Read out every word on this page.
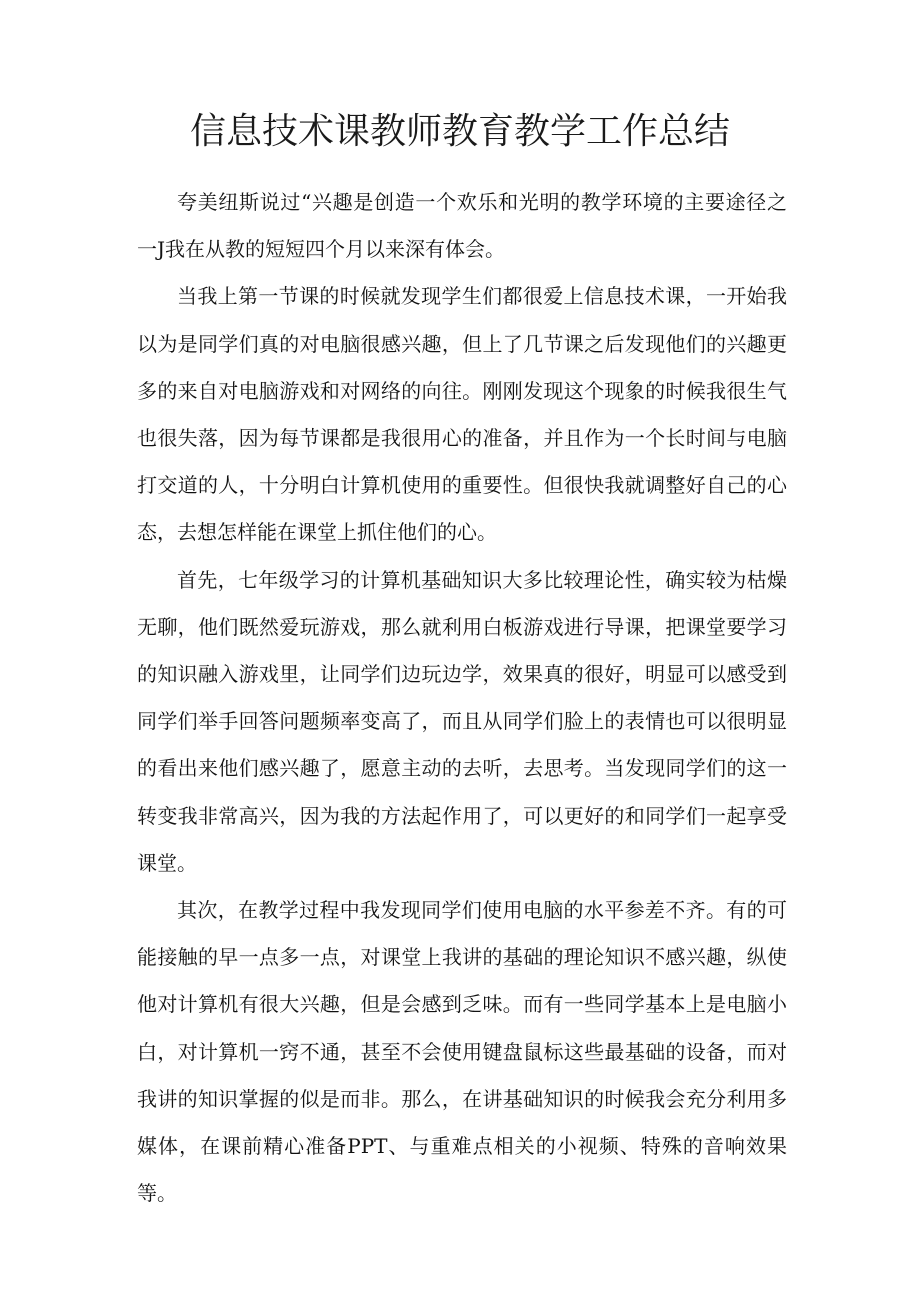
信息技术课教师教育教学工作总结

夸美纽斯说过“兴趣是创造一个欢乐和光明的教学环境的主要途径之一J我在从教的短短四个月以来深有体会。

当我上第一节课的时候就发现学生们都很爱上信息技术课，一开始我以为是同学们真的对电脑很感兴趣，但上了几节课之后发现他们的兴趣更多的来自对电脑游戏和对网络的向往。刚刚发现这个现象的时候我很生气也很失落，因为每节课都是我很用心的准备，并且作为一个长时间与电脑打交道的人，十分明白计算机使用的重要性。但很快我就调整好自己的心态，去想怎样能在课堂上抓住他们的心。

首先，七年级学习的计算机基础知识大多比较理论性，确实较为枯燥无聊，他们既然爱玩游戏，那么就利用白板游戏进行导课，把课堂要学习的知识融入游戏里，让同学们边玩边学，效果真的很好，明显可以感受到同学们举手回答问题频率变高了，而且从同学们脸上的表情也可以很明显的看出来他们感兴趣了，愿意主动的去听，去思考。当发现同学们的这一转变我非常高兴，因为我的方法起作用了，可以更好的和同学们一起享受课堂。

其次，在教学过程中我发现同学们使用电脑的水平参差不齐。有的可能接触的早一点多一点，对课堂上我讲的基础的理论知识不感兴趣，纵使他对计算机有很大兴趣，但是会感到乏味。而有一些同学基本上是电脑小白，对计算机一窍不通，甚至不会使用键盘鼠标这些最基础的设备，而对我讲的知识掌握的似是而非。那么，在讲基础知识的时候我会充分利用多媒体，在课前精心准备PPT、与重难点相关的小视频、特殊的音响效果等。
